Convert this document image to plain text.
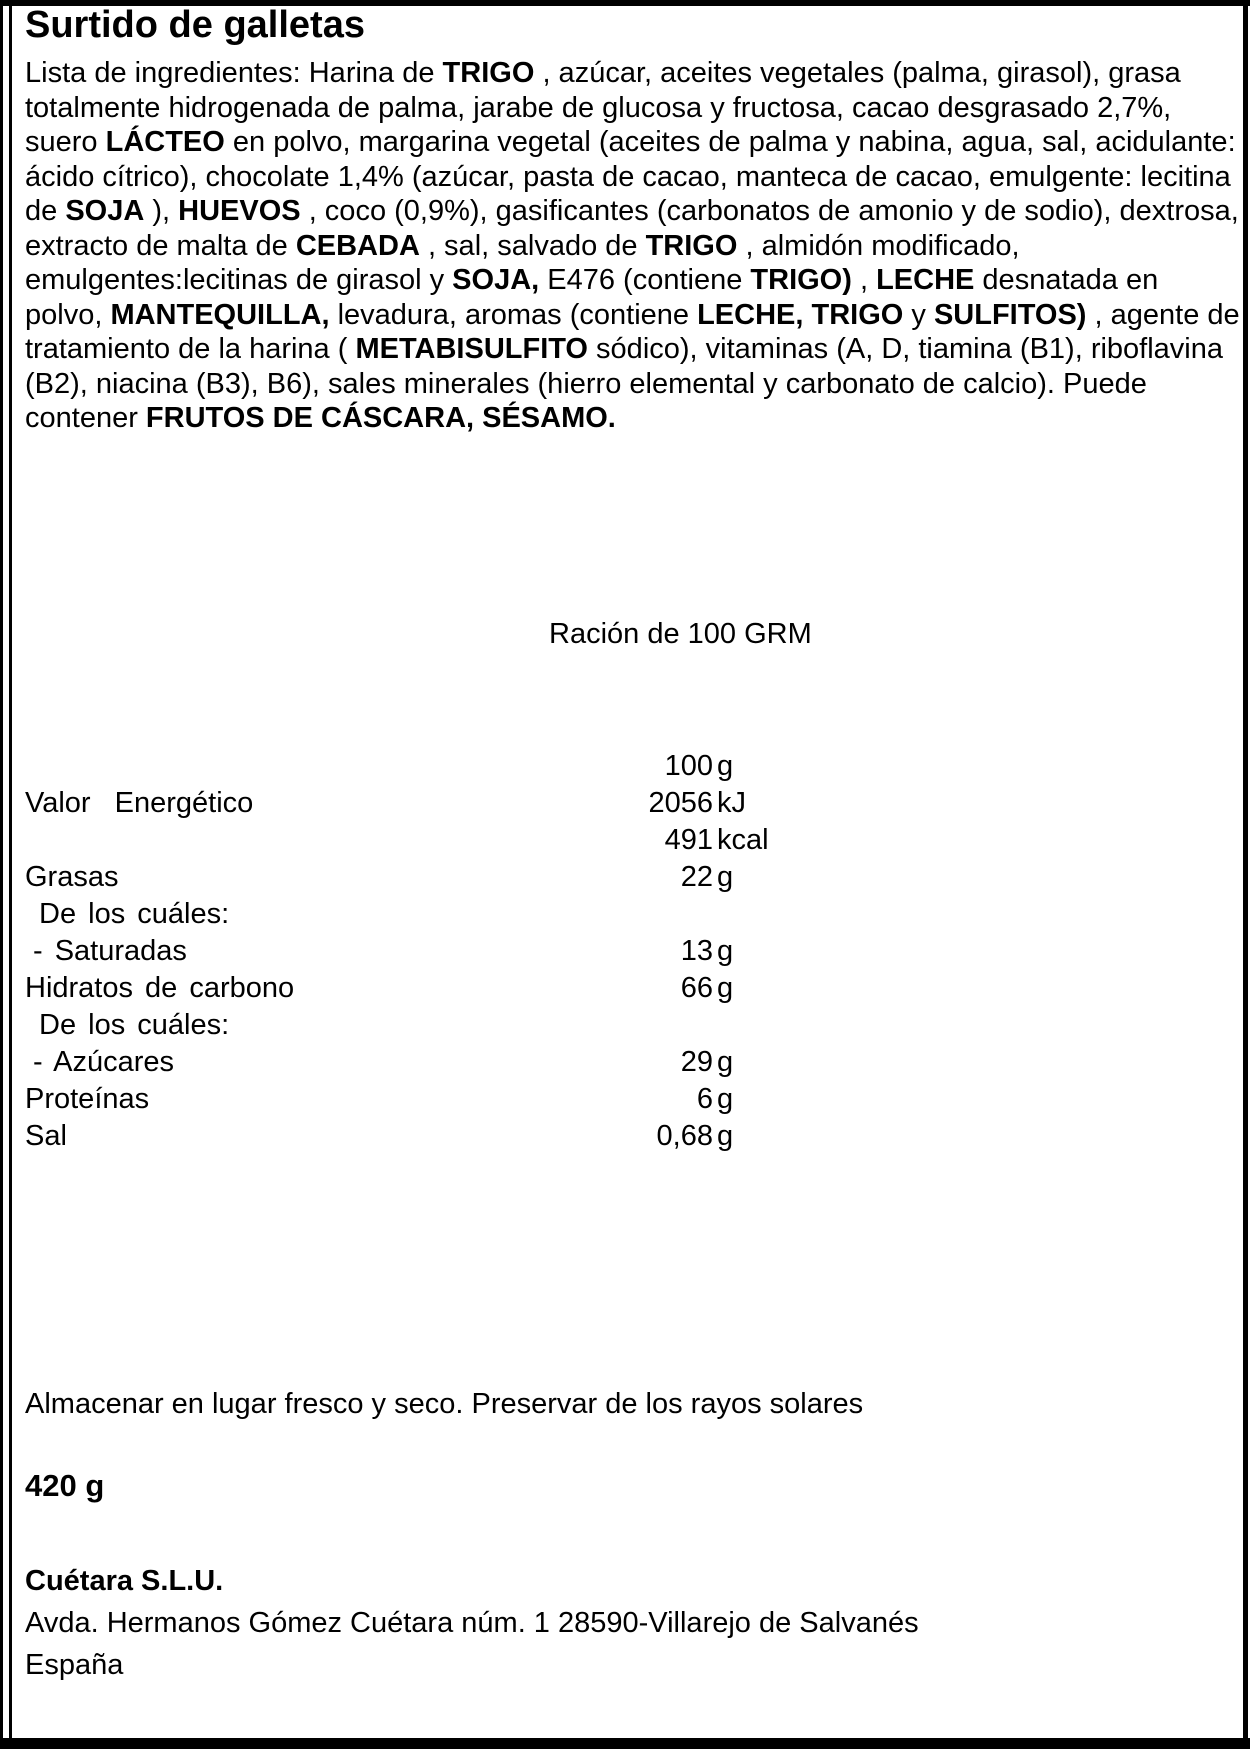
Surtido de galletas

Lista de ingredientes: Harina de TRIGO , azúcar, aceites vegetales (palma, girasol), grasa totalmente hidrogenada de palma, jarabe de glucosa y fructosa, cacao desgrasado 2,7%, suero LÁCTEO en polvo, margarina vegetal (aceites de palma y nabina, agua, sal, acidulante: ácido cítrico), chocolate 1,4% (azúcar, pasta de cacao, manteca de cacao, emulgente: lecitina de SOJA ), HUEVOS , coco (0,9%), gasificantes (carbonatos de amonio y de sodio), dextrosa, extracto de malta de CEBADA , sal, salvado de TRIGO , almidón modificado, emulgentes:lecitinas de girasol y SOJA, E476 (contiene TRIGO) , LECHE desnatada en polvo, MANTEQUILLA, levadura, aromas (contiene LECHE, TRIGO y SULFITOS) , agente de tratamiento de la harina ( METABISULFITO sódico), vitaminas (A, D, tiamina (B1), riboflavina (B2), niacina (B3), B6), sales minerales (hierro elemental y carbonato de calcio). Puede contener FRUTOS DE CÁSCARA, SÉSAMO.

Ración de 100 GRM
100 g
Valor  Energético	2056 kJ
491 kcal
Grasas	22 g
De los cuáles:
- Saturadas	13 g
Hidratos de carbono	66 g
De los cuáles:
- Azúcares	29 g
Proteínas	6 g
Sal	0,68 g
Almacenar en lugar fresco y seco. Preservar de los rayos solares
420 g
Cuétara S.L.U.
Avda. Hermanos Gómez Cuétara núm. 1 28590-Villarejo de Salvanés
España
